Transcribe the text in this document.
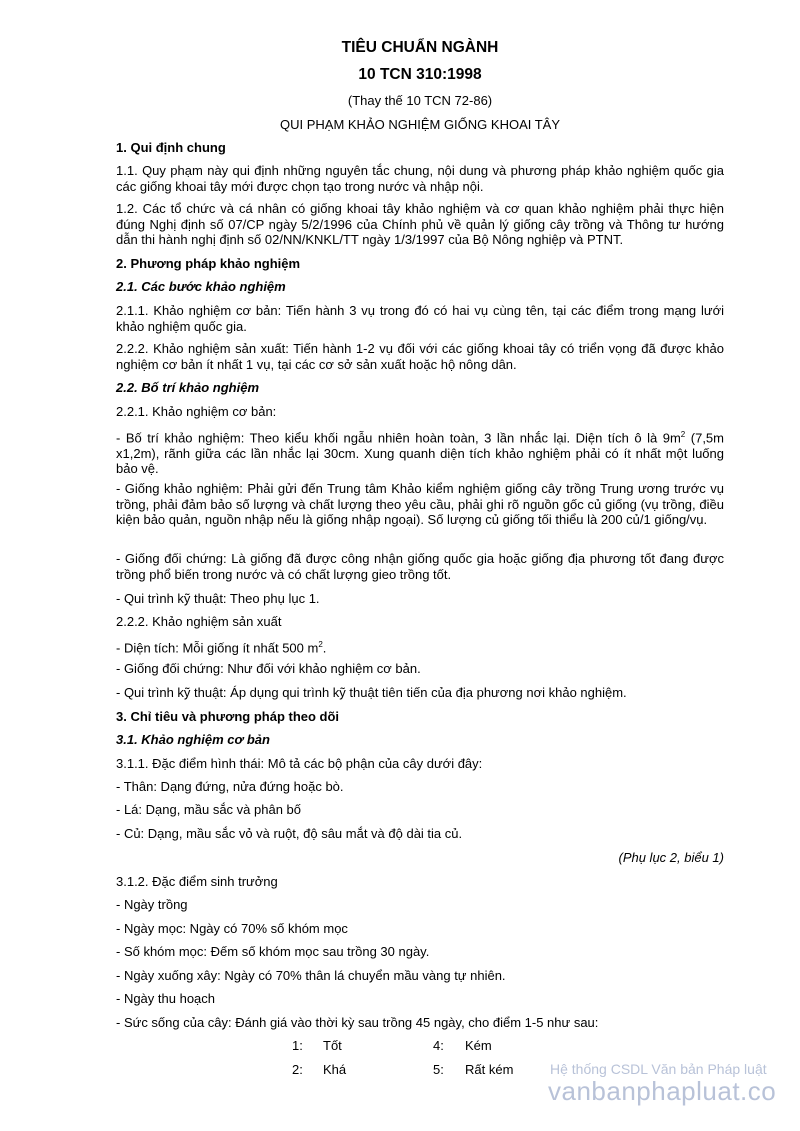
TIÊU CHUẨN NGÀNH
10 TCN 310:1998
(Thay thế 10 TCN 72-86)
QUI PHẠM KHẢO NGHIỆM GIỐNG KHOAI TÂY

1. Qui định chung

1.1. Quy phạm này qui định những nguyên tắc chung, nội dung và phương pháp khảo nghiệm quốc gia các giống khoai tây mới được chọn tạo trong nước và nhập nội.

1.2. Các tổ chức và cá nhân có giống khoai tây khảo nghiệm và cơ quan khảo nghiệm phải thực hiện đúng Nghị định số 07/CP ngày 5/2/1996 của Chính phủ về quản lý giống cây trồng và Thông tư hướng dẫn thi hành nghị định số 02/NN/KNKL/TT ngày 1/3/1997 của Bộ Nông nghiệp và PTNT.

2. Phương pháp khảo nghiệm

2.1. Các bước khảo nghiệm

2.1.1. Khảo nghiệm cơ bản: Tiến hành 3 vụ trong đó có hai vụ cùng tên, tại các điểm trong mạng lưới khảo nghiệm quốc gia.

2.2.2. Khảo nghiệm sản xuất: Tiến hành 1-2 vụ đối với các giống khoai tây có triển vọng đã được khảo nghiệm cơ bản ít nhất 1 vụ, tại các cơ sở sản xuất hoặc hộ nông dân.

2.2. Bố trí khảo nghiệm

2.2.1. Khảo nghiệm cơ bản:

- Bố trí khảo nghiệm: Theo kiểu khối ngẫu nhiên hoàn toàn, 3 lần nhắc lại. Diện tích ô là $9m^2$ (7,5m x1,2m), rãnh giữa các lần nhắc lại 30cm. Xung quanh diện tích khảo nghiệm phải có ít nhất một luống bảo vệ.

- Giống khảo nghiệm: Phải gửi đến Trung tâm Khảo kiểm nghiệm giống cây trồng Trung ương trước vụ trồng, phải đảm bảo số lượng và chất lượng theo yêu cầu, phải ghi rõ nguồn gốc củ giống (vụ trồng, điều kiện bảo quản, nguồn nhập nếu là giống nhập ngoại). Số lượng củ giống tối thiểu là 200 củ/1 giống/vụ.

- Giống đối chứng: Là giống đã được công nhận giống quốc gia hoặc giống địa phương tốt đang được trồng phổ biến trong nước và có chất lượng gieo trồng tốt.

- Qui trình kỹ thuật: Theo phụ lục 1.

2.2.2. Khảo nghiệm sản xuất

- Diện tích: Mỗi giống ít nhất 500 $m^2$.

- Giống đối chứng: Như đối với khảo nghiệm cơ bản.

- Qui trình kỹ thuật: Áp dụng qui trình kỹ thuật tiên tiến của địa phương nơi khảo nghiệm.

3. Chỉ tiêu và phương pháp theo dõi

3.1. Khảo nghiệm cơ bản

3.1.1. Đặc điểm hình thái: Mô tả các bộ phận của cây dưới đây:

- Thân: Dạng đứng, nửa đứng hoặc bò.

- Lá: Dạng, mầu sắc và phân bố

- Củ: Dạng, mầu sắc vỏ và ruột, độ sâu mắt và độ dài tia củ.

(Phụ lục 2, biểu 1)

3.1.2. Đặc điểm sinh trưởng

- Ngày trồng

- Ngày mọc: Ngày có 70% số khóm mọc

- Số khóm mọc: Đếm số khóm mọc sau trồng 30 ngày.

- Ngày xuống xây: Ngày có 70% thân lá chuyển mầu vàng tự nhiên.

- Ngày thu hoạch

- Sức sống của cây: Đánh giá vào thời kỳ sau trồng 45 ngày, cho điểm 1-5 như sau:

1: Tốt	4: Kém
2: Khá	5: Rất kém	Hệ thống CSDL Văn bản Pháp luật
vanbanphapluat.co
